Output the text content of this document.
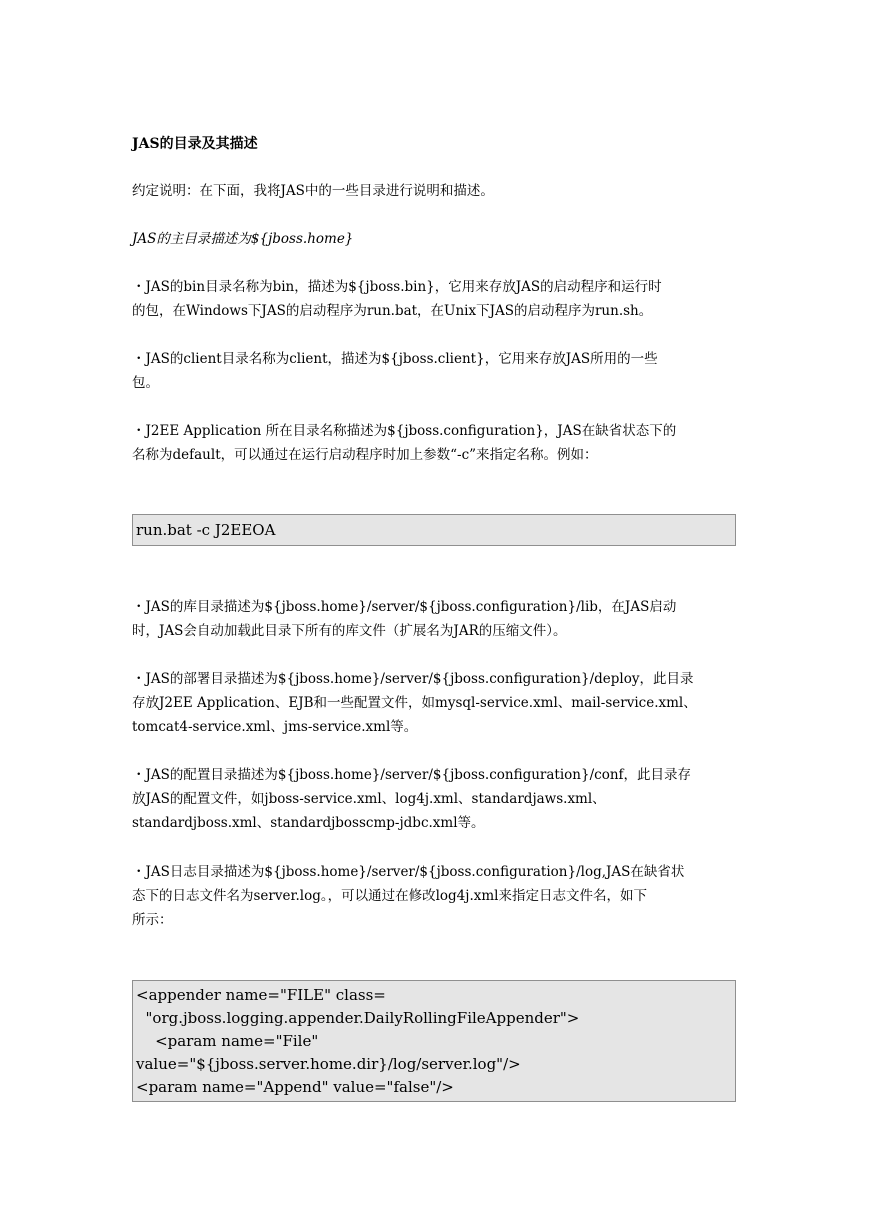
JAS的目录及其描述
约定说明：在下面，我将JAS中的一些目录进行说明和描述。
JAS的主目录描述为${jboss.home}
・JAS的bin目录名称为bin，描述为${jboss.bin}，它用来存放JAS的启动程序和运行时
的包，在Windows下JAS的启动程序为run.bat，在Unix下JAS的启动程序为run.sh。
・JAS的client目录名称为client，描述为${jboss.client}，它用来存放JAS所用的一些
包。
・J2EE Application 所在目录名称描述为${jboss.configuration}，JAS在缺省状态下的
名称为default，可以通过在运行启动程序时加上参数“-c”来指定名称。例如：
run.bat -c J2EEOA
・JAS的库目录描述为${jboss.home}/server/${jboss.configuration}/lib，在JAS启动
时，JAS会自动加载此目录下所有的库文件（扩展名为JAR的压缩文件）。
・JAS的部署目录描述为${jboss.home}/server/${jboss.configuration}/deploy，此目录
存放J2EE Application、EJB和一些配置文件，如mysql-service.xml、mail-service.xml、
tomcat4-service.xml、jms-service.xml等。
・JAS的配置目录描述为${jboss.home}/server/${jboss.configuration}/conf，此目录存
放JAS的配置文件，如jboss-service.xml、log4j.xml、standardjaws.xml、
standardjboss.xml、standardjbosscmp-jdbc.xml等。
・JAS日志目录描述为${jboss.home}/server/${jboss.configuration}/log,JAS在缺省状
态下的日志文件名为server.log。，可以通过在修改log4j.xml来指定日志文件名，如下
所示：
<appender name="FILE" class=
"org.jboss.logging.appender.DailyRollingFileAppender">
<param name="File"
value="${jboss.server.home.dir}/log/server.log"/>
<param name="Append" value="false"/>
